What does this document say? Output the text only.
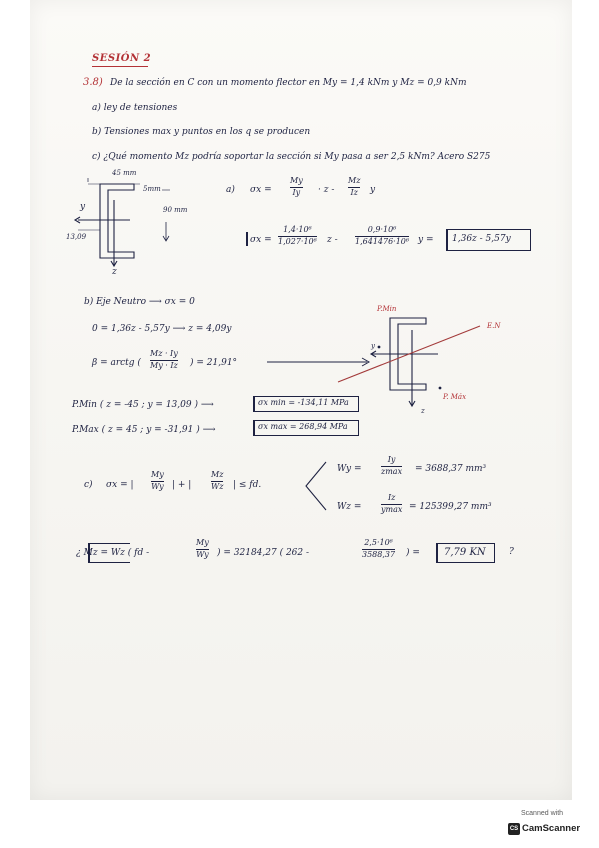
SESIÓN 2
3.8) De la sección en C con un momento flector en My = 1,4 kNm y Mz = 0,9 kNm
a) ley de tensiones
b) Tensiones max y puntos en los q se producen
c) ¿Qué momento Mz podría soportar la sección si My pasa a ser 2,5 kNm? Acero S275
45 mm
5mm
90 mm
13,09
y
z
a) σx =
My
Iy · z -
Mz
Iz y
σx =
1,4·10⁶
1,027·10⁶ z -
0,9·10⁶
1,641476·10⁶ y = 1,36z - 5,57y
b) Eje Neutro ⟶ σx = 0
0 = 1,36z - 5,57y ⟶ z = 4,09y
β = arctg (
Mz · Iy
My · Iz ) = 21,91°
P.Min ( z = -45 ; y = 13,09 ) ⟶	σx min = -134,11 MPa
P.Max ( z = 45 ; y = -31,91 ) ⟶	σx max = 268,94 MPa
P.Min
P. Máx
E.N
y
z
c) σx = |
My
Wy | + |
Mz
Wz | ≤ fd.
Wy =
Iy
zmax = 3688,37 mm³
Wz =
Iz
ymax = 125399,27 mm³
¿ Mz = Wz ( fd -
My
Wy ) = 32184,27 ( 262 -
2,5·10⁶
3588,37 ) = 7,79 KN	?
Scanned with
CS CamScanner
